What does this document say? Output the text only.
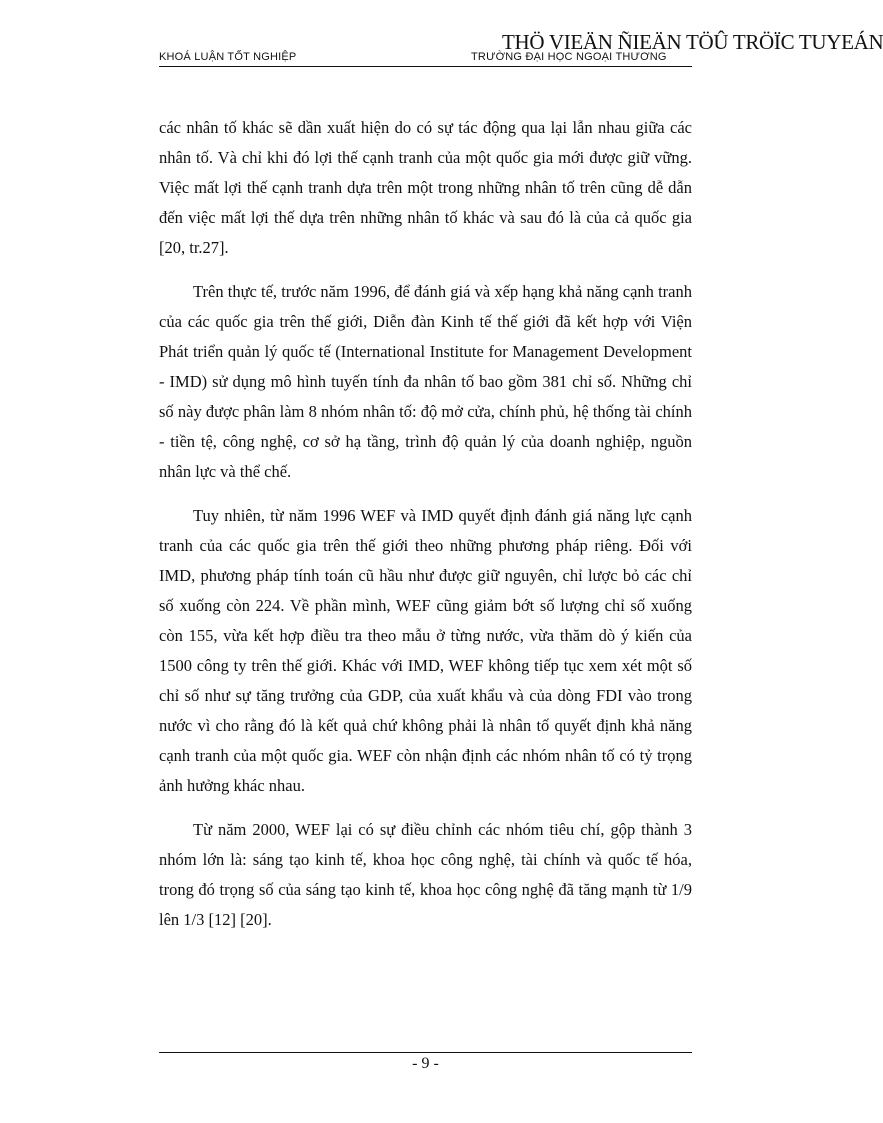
KHOÁ LUẬN TỐT NGHIỆP	TRƯỜNG ĐẠI HỌC NGOẠI THƯƠNG
THÖ VIEÄN ÑIEÄN TÖÛ TRÖÏC TUYEÁN

các nhân tố khác sẽ dần xuất hiện do có sự tác động qua lại lẫn nhau giữa các nhân tố. Và chỉ khi đó lợi thế cạnh tranh của một quốc gia mới được giữ vững. Việc mất lợi thế cạnh tranh dựa trên một trong những nhân tố trên cũng dễ dẫn đến việc mất lợi thế dựa trên những nhân tố khác và sau đó là của cả quốc gia [20, tr.27].

Trên thực tế, trước năm 1996, để đánh giá và xếp hạng khả năng cạnh tranh của các quốc gia trên thế giới, Diễn đàn Kinh tế thế giới đã kết hợp với Viện Phát triển quản lý quốc tế (International Institute for Management Development - IMD) sử dụng mô hình tuyến tính đa nhân tố bao gồm 381 chỉ số. Những chỉ số này được phân làm 8 nhóm nhân tố: độ mở cửa, chính phủ, hệ thống tài chính - tiền tệ, công nghệ, cơ sở hạ tầng, trình độ quản lý của doanh nghiệp, nguồn nhân lực và thể chế.

Tuy nhiên, từ năm 1996 WEF và IMD quyết định đánh giá năng lực cạnh tranh của các quốc gia trên thế giới theo những phương pháp riêng. Đối với IMD, phương pháp tính toán cũ hầu như được giữ nguyên, chỉ lược bỏ các chỉ số xuống còn 224. Về phần mình, WEF cũng giảm bớt số lượng chỉ số xuống còn 155, vừa kết hợp điều tra theo mẫu ở từng nước, vừa thăm dò ý kiến của 1500 công ty trên thế giới. Khác với IMD, WEF không tiếp tục xem xét một số chỉ số như sự tăng trưởng của GDP, của xuất khẩu và của dòng FDI vào trong nước vì cho rằng đó là kết quả chứ không phải là nhân tố quyết định khả năng cạnh tranh của một quốc gia. WEF còn nhận định các nhóm nhân tố có tỷ trọng ảnh hưởng khác nhau.

Từ năm 2000, WEF lại có sự điều chỉnh các nhóm tiêu chí, gộp thành 3 nhóm lớn là: sáng tạo kinh tế, khoa học công nghệ, tài chính và quốc tế hóa, trong đó trọng số của sáng tạo kinh tế, khoa học công nghệ đã tăng mạnh từ 1/9 lên 1/3 [12] [20].

- 9 -
